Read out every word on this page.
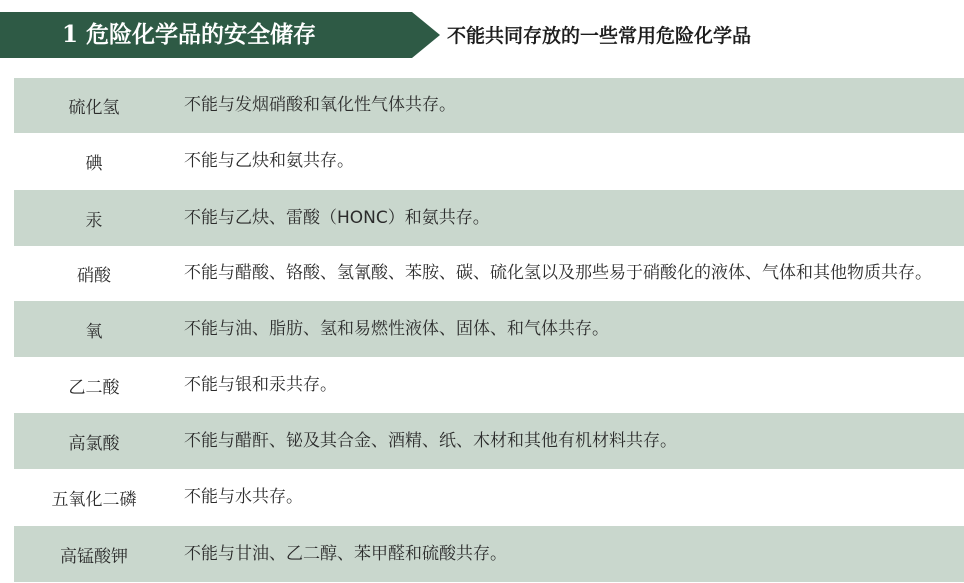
1 危险化学品的安全储存	不能共同存放的一些常用危险化学品
硫化氢	不能与发烟硝酸和氧化性气体共存。
碘	不能与乙炔和氨共存。
汞	不能与乙炔、雷酸（HONC）和氨共存。
硝酸	不能与醋酸、铬酸、氢氰酸、苯胺、碳、硫化氢以及那些易于硝酸化的液体、气体和其他物质共存。
氧	不能与油、脂肪、氢和易燃性液体、固体、和气体共存。
乙二酸	不能与银和汞共存。
高氯酸	不能与醋酐、铋及其合金、酒精、纸、木材和其他有机材料共存。
五氧化二磷	不能与水共存。
高锰酸钾	不能与甘油、乙二醇、苯甲醛和硫酸共存。
